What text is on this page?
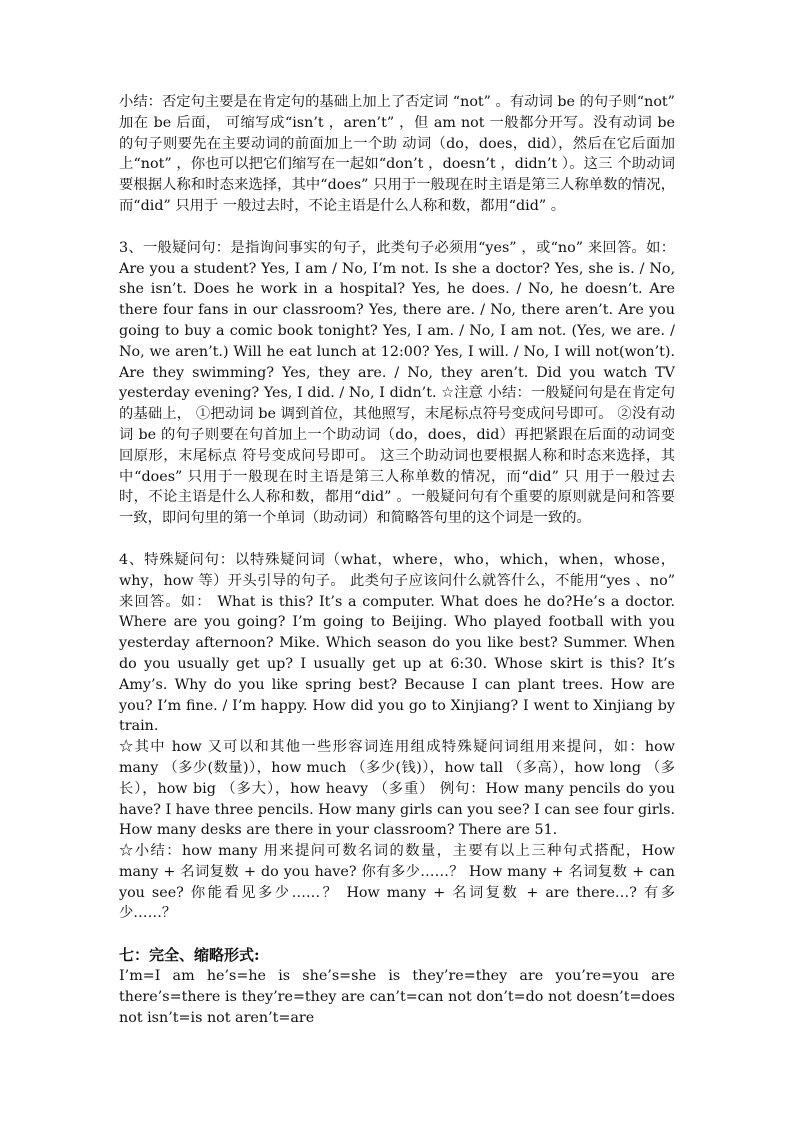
小结：否定句主要是在肯定句的基础上加上了否定词 “not” 。有动词 be 的句子则“not” 加在 be 后面， 可缩写成“isn’t ，aren’t” ，但 am not 一般都分开写。没有动词 be 的句子则要先在主要动词的前面加上一个助 动词（do，does，did），然后在它后面加上“not” ，你也可以把它们缩写在一起如“don’t ，doesn’t ，didn’t ）。这三 个助动词要根据人称和时态来选择，其中“does” 只用于一般现在时主语是第三人称单数的情况，而“did” 只用于 一般过去时，不论主语是什么人称和数，都用“did” 。

3、一般疑问句：是指询问事实的句子，此类句子必须用“yes” ，或“no” 来回答。如：Are you a student? Yes, I am / No, I’m not. Is she a doctor? Yes, she is. / No, she isn’t. Does he work in a hospital? Yes, he does. / No, he doesn’t. Are there four fans in our classroom? Yes, there are. / No, there aren’t. Are you going to buy a comic book tonight? Yes, I am. / No, I am not. (Yes, we are. / No, we aren’t.) Will he eat lunch at 12:00? Yes, I will. / No, I will not(won’t). Are they swimming? Yes, they are. / No, they aren’t. Did you watch TV yesterday evening? Yes, I did. / No, I didn’t. ☆注意 小结：一般疑问句是在肯定句的基础上， ①把动词 be 调到首位，其他照写，末尾标点符号变成问号即可。 ②没有动词 be 的句子则要在句首加上一个助动词（do，does，did）再把紧跟在后面的动词变回原形，末尾标点 符号变成问号即可。 这三个助动词也要根据人称和时态来选择，其中“does” 只用于一般现在时主语是第三人称单数的情况，而“did” 只 用于一般过去时，不论主语是什么人称和数，都用“did” 。一般疑问句有个重要的原则就是问和答要一致，即问句里的第一个单词（助动词）和简略答句里的这个词是一致的。

4、特殊疑问句：以特殊疑问词（what，where，who，which，when，whose，why，how 等）开头引导的句子。 此类句子应该问什么就答什么，不能用“yes 、no” 来回答。如： What is this? It’s a computer. What does he do?He’s a doctor. Where are you going? I’m going to Beijing. Who played football with you yesterday afternoon? Mike. Which season do you like best? Summer. When do you usually get up? I usually get up at 6:30. Whose skirt is this? It’s Amy’s. Why do you like spring best? Because I can plant trees. How are you? I’m fine. / I’m happy. How did you go to Xinjiang? I went to Xinjiang by train.

☆其中 how 又可以和其他一些形容词连用组成特殊疑问词组用来提问，如：how many （多少(数量)），how much （多少(钱)），how tall （多高），how long （多长），how big （多大），how heavy （多重） 例句：How many pencils do you have? I have three pencils. How many girls can you see? I can see four girls. How many desks are there in your classroom? There are 51.

☆小结：how many 用来提问可数名词的数量，主要有以上三种句式搭配，How many + 名词复数 + do you have? 你有多少……？ How many + 名词复数 + can you see? 你能看见多少……？ How many + 名词复数 + are there…? 有多少……？

七：完全、缩略形式:

I’m=I am he’s=he is she’s=she is they’re=they are you’re=you are there’s=there is they’re=they are can’t=can not don’t=do not doesn’t=does not isn’t=is not aren’t=are
